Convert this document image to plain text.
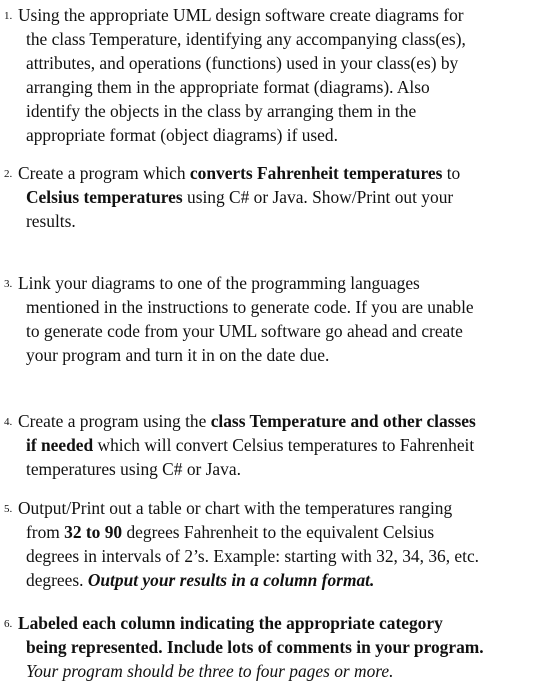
1. Using the appropriate UML design software create diagrams for
the class Temperature, identifying any accompanying class(es),
attributes, and operations (functions) used in your class(es) by
arranging them in the appropriate format (diagrams). Also
identify the objects in the class by arranging them in the
appropriate format (object diagrams) if used.
2. Create a program which converts Fahrenheit temperatures to
Celsius temperatures using C# or Java. Show/Print out your
results.
3. Link your diagrams to one of the programming languages
mentioned in the instructions to generate code. If you are unable
to generate code from your UML software go ahead and create
your program and turn it in on the date due.
4. Create a program using the class Temperature and other classes
if needed which will convert Celsius temperatures to Fahrenheit
temperatures using C# or Java.
5. Output/Print out a table or chart with the temperatures ranging
from 32 to 90 degrees Fahrenheit to the equivalent Celsius
degrees in intervals of 2’s. Example: starting with 32, 34, 36, etc.
degrees. Output your results in a column format.
6. Labeled each column indicating the appropriate category
being represented. Include lots of comments in your program.
Your program should be three to four pages or more.
